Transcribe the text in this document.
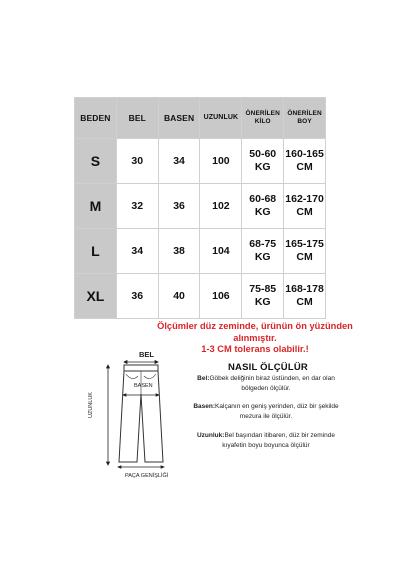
BEDEN	BEL	BASEN	UZUNLUK	ÖNERİLEN KİLO	ÖNERİLEN BOY
S	30	34	100	50-60 KG	160-165 CM
M	32	36	102	60-68 KG	162-170 CM
L	34	38	104	68-75 KG	165-175 CM
XL	36	40	106	75-85 KG	168-178 CM
Ölçümler düz zeminde, ürünün ön yüzünden
alınmıştır.
1-3 CM tolerans olabilir.!
NASIL ÖLÇÜLÜR
Bel:Göbek deliğinin biraz üstünden, en dar olan bölgeden ölçülür.
Basen:Kalçanın en geniş yerinden, düz bir şekilde mezura ile ölçülür.
Uzunluk:Bel başından itibaren, düz bir zeminde kıyafetin boyu boyunca ölçülür
BEL
BASEN
UZUNLUK
PAÇA GENİŞLİĞİ
